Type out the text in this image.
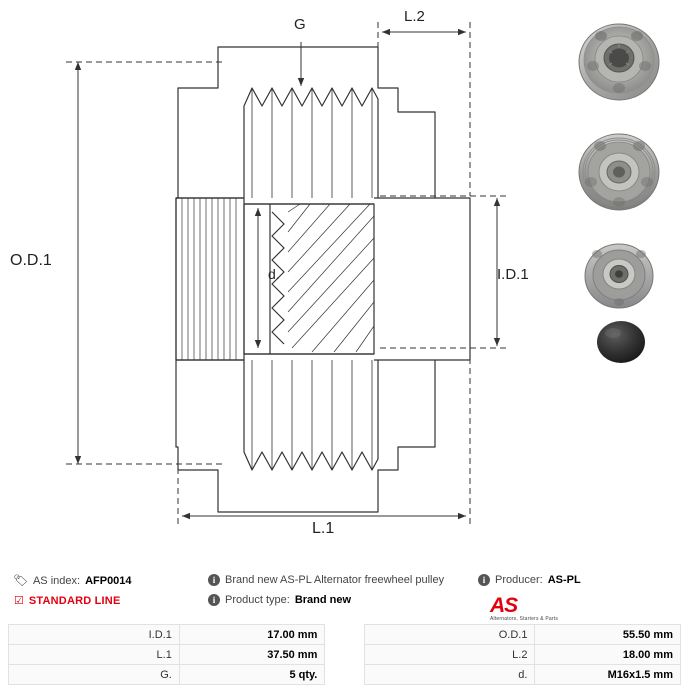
O.D.1
I.D.1
L.1
L.2
G
d.
🏷 AS index: AFP0014
☑ STANDARD LINE
i Brand new AS-PL Alternator freewheel pulley
i Product type: Brand new
i Producer: AS-PL
AS
Alternators, Starters & Parts
I.D.1	17.00 mm		O.D.1	55.50 mm
L.1	37.50 mm		L.2	18.00 mm
G.	5 qty.		d.	M16x1.5 mm
